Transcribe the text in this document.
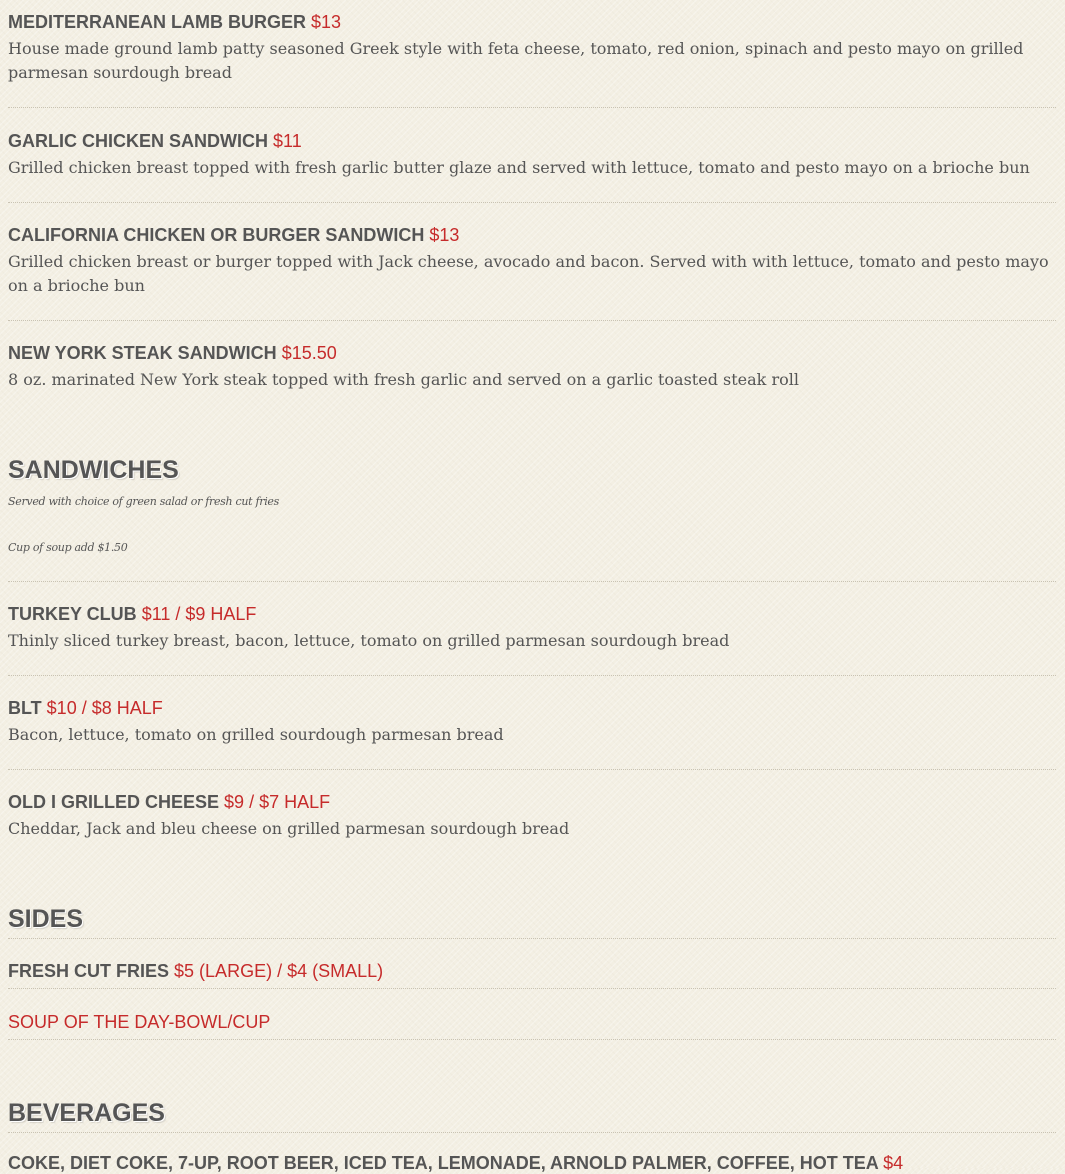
MEDITERRANEAN LAMB BURGER $13

House made ground lamb patty seasoned Greek style with feta cheese, tomato, red onion, spinach and pesto mayo on grilled parmesan sourdough bread

GARLIC CHICKEN SANDWICH $11

Grilled chicken breast topped with fresh garlic butter glaze and served with lettuce, tomato and pesto mayo on a brioche bun

CALIFORNIA CHICKEN OR BURGER SANDWICH $13

Grilled chicken breast or burger topped with Jack cheese, avocado and bacon. Served with with lettuce, tomato and pesto mayo on a brioche bun

NEW YORK STEAK SANDWICH $15.50

8 oz. marinated New York steak topped with fresh garlic and served on a garlic toasted steak roll

SANDWICHES

Served with choice of green salad or fresh cut fries

Cup of soup add $1.50

TURKEY CLUB $11 / $9 HALF

Thinly sliced turkey breast, bacon, lettuce, tomato on grilled parmesan sourdough bread

BLT $10 / $8 HALF

Bacon, lettuce, tomato on grilled sourdough parmesan bread

OLD I GRILLED CHEESE $9 / $7 HALF

Cheddar, Jack and bleu cheese on grilled parmesan sourdough bread

SIDES
FRESH CUT FRIES $5 (LARGE) / $4 (SMALL)
SOUP OF THE DAY-BOWL/CUP
BEVERAGES
COKE, DIET COKE, 7-UP, ROOT BEER, ICED TEA, LEMONADE, ARNOLD PALMER, COFFEE, HOT TEA $4
